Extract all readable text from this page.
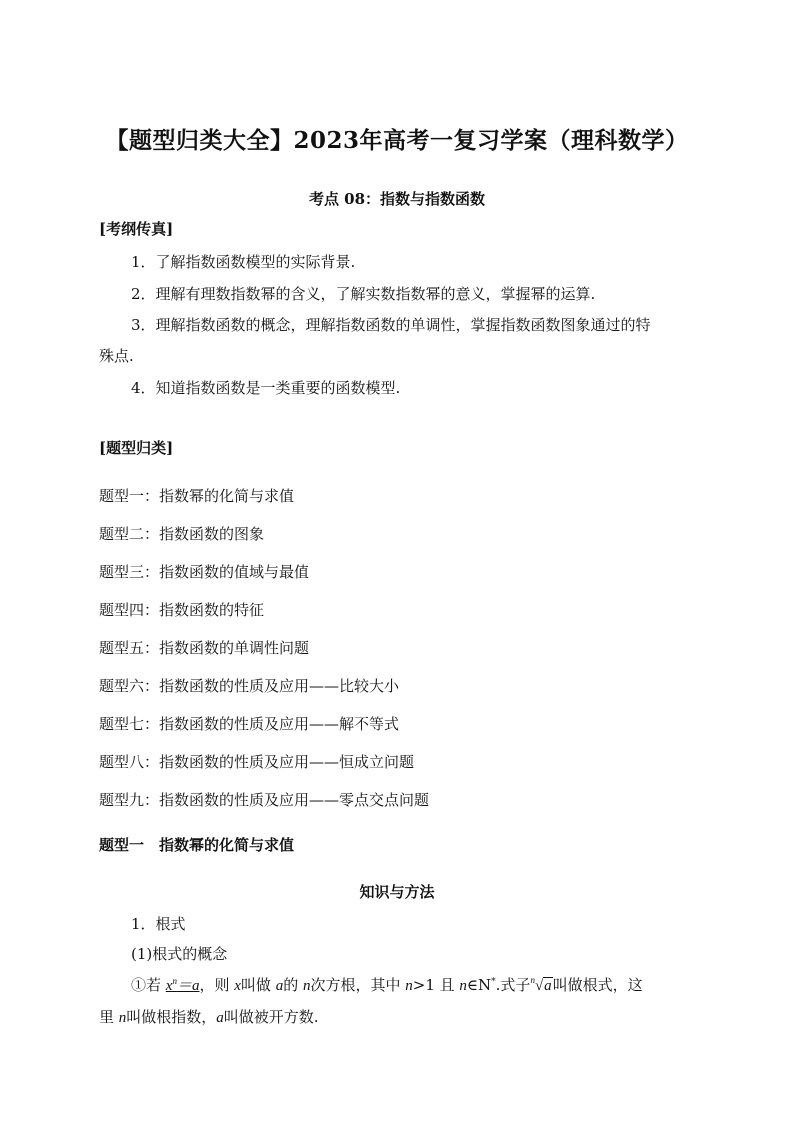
【题型归类大全】2023年高考一复习学案（理科数学）
考点 08：指数与指数函数
[考纲传真]
1．了解指数函数模型的实际背景.
2．理解有理数指数幂的含义，了解实数指数幂的意义，掌握幂的运算.
3．理解指数函数的概念，理解指数函数的单调性，掌握指数函数图象通过的特
殊点.
4．知道指数函数是一类重要的函数模型.
[题型归类]
题型一：指数幂的化简与求值
题型二：指数函数的图象
题型三：指数函数的值域与最值
题型四：指数函数的特征
题型五：指数函数的单调性问题
题型六：指数函数的性质及应用——比较大小
题型七：指数函数的性质及应用——解不等式
题型八：指数函数的性质及应用——恒成立问题
题型九：指数函数的性质及应用——零点交点问题
题型一　指数幂的化简与求值
知识与方法
1．根式
(1)根式的概念
①若 $x^n=a$，则 x叫做 a的 n次方根，其中 n>1 且 n∈N*.式子$^n$√a叫做根式，这
里 n叫做根指数，a叫做被开方数.
